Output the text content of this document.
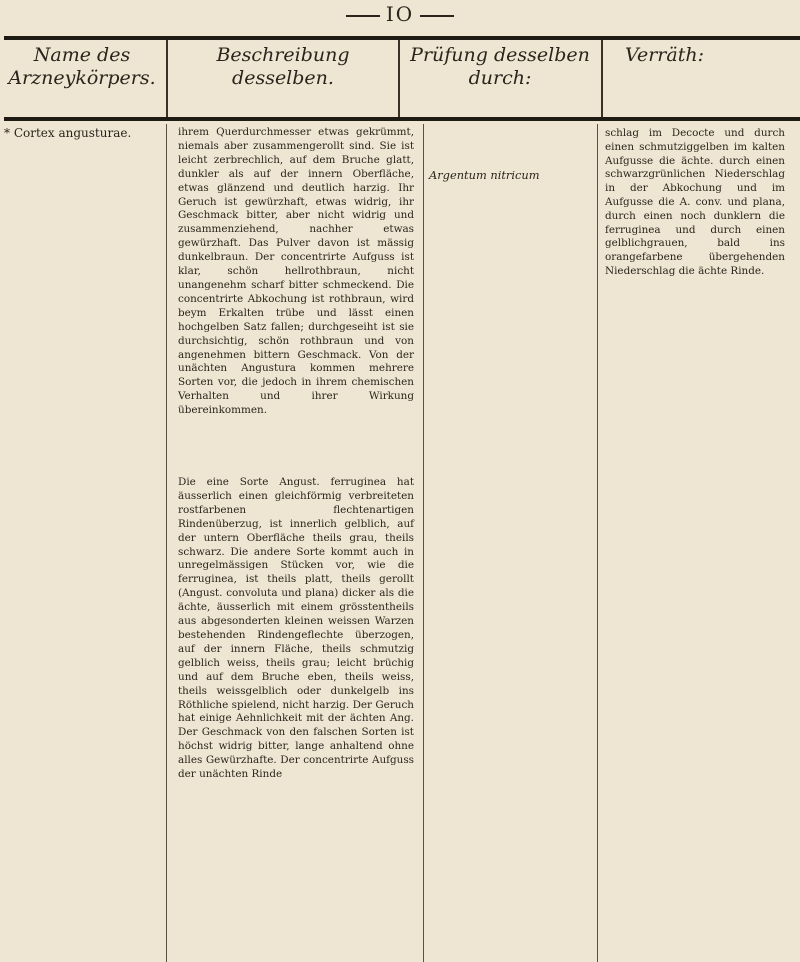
IO
Name des Arzneykörpers.
Beschreibung desselben.
Prüfung desselben durch:
Verräth:
* Cortex angusturae.	ihrem Querdurchmesser etwas gekrümmt, niemals aber zusammengerollt sind. Sie ist leicht zerbrechlich, auf dem Bruche glatt, dunkler als auf der innern Oberfläche, etwas glänzend und deutlich harzig. Ihr Geruch ist gewürzhaft, etwas widrig, ihr Geschmack bitter, aber nicht widrig und zusammenziehend, nachher etwas gewürzhaft. Das Pulver davon ist mässig dunkelbraun. Der concentrirte Aufguss ist klar, schön hellrothbraun, nicht unangenehm scharf bitter schmeckend. Die concentrirte Abkochung ist rothbraun, wird beym Erkalten trübe und lässt einen hochgelben Satz fallen; durchgeseiht ist sie durchsichtig, schön rothbraun und von angenehmen bittern Geschmack. Von der unächten Angustura kommen mehrere Sorten vor, die jedoch in ihrem chemischen Verhalten und ihrer Wirkung übereinkommen.

Die eine Sorte Angust. ferruginea hat äusserlich einen gleichförmig verbreiteten rostfarbenen flechtenartigen Rindenüberzug, ist innerlich gelblich, auf der untern Oberfläche theils grau, theils schwarz. Die andere Sorte kommt auch in unregelmässigen Stücken vor, wie die ferruginea, ist theils platt, theils gerollt (Angust. convoluta und plana) dicker als die ächte, äusserlich mit einem grösstentheils aus abgesonderten kleinen weissen Warzen bestehenden Rindengeflechte überzogen, auf der innern Fläche, theils schmutzig gelblich weiss, theils grau; leicht brüchig und auf dem Bruche eben, theils weiss, theils weissgelblich oder dunkelgelb ins Röthliche spielend, nicht harzig. Der Geruch hat einige Aehnlichkeit mit der ächten Ang. Der Geschmack von den falschen Sorten ist höchst widrig bitter, lange anhaltend ohne alles Gewürzhafte. Der concentrirte Aufguss der unächten Rinde

Argentum nitricum

schlag im Decocte und durch einen schmutziggelben im kalten Aufgusse die ächte. durch einen schwarzgrünlichen Niederschlag in der Abkochung und im Aufgusse die A. conv. und plana, durch einen noch dunklern die ferruginea und durch einen gelblichgrauen, bald ins orangefarbene übergehenden Niederschlag die ächte Rinde.
